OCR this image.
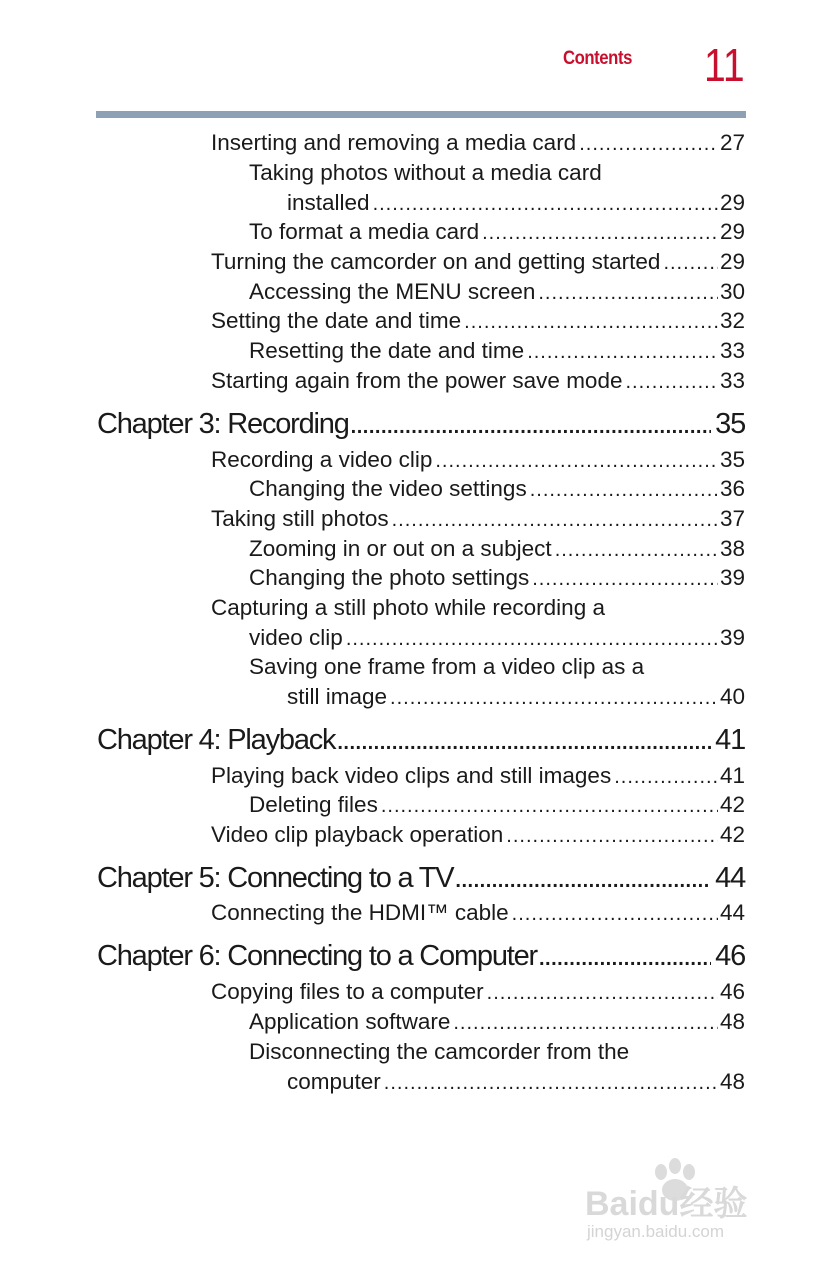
Contents 11
Inserting and removing a media card .....	27
Taking photos without a media card
installed .....	29
To format a media card .....	29
Turning the camcorder on and getting started .....	29
Accessing the MENU screen .....	30
Setting the date and time .....	32
Resetting the date and time .....	33
Starting again from the power save mode .....	33
Chapter 3: Recording .....	35
Recording a video clip .....	35
Changing the video settings .....	36
Taking still photos .....	37
Zooming in or out on a subject .....	38
Changing the photo settings .....	39
Capturing a still photo while recording a
video clip .....	39
Saving one frame from a video clip as a
still image .....	40
Chapter 4: Playback .....	41
Playing back video clips and still images .....	41
Deleting files .....	42
Video clip playback operation .....	42
Chapter 5: Connecting to a TV .....	44
Connecting the HDMI™ cable .....	44
Chapter 6: Connecting to a Computer .....	46
Copying files to a computer .....	46
Application software .....	48
Disconnecting the camcorder from the
computer .....	48
Baidu经验
jingyan.baidu.com
